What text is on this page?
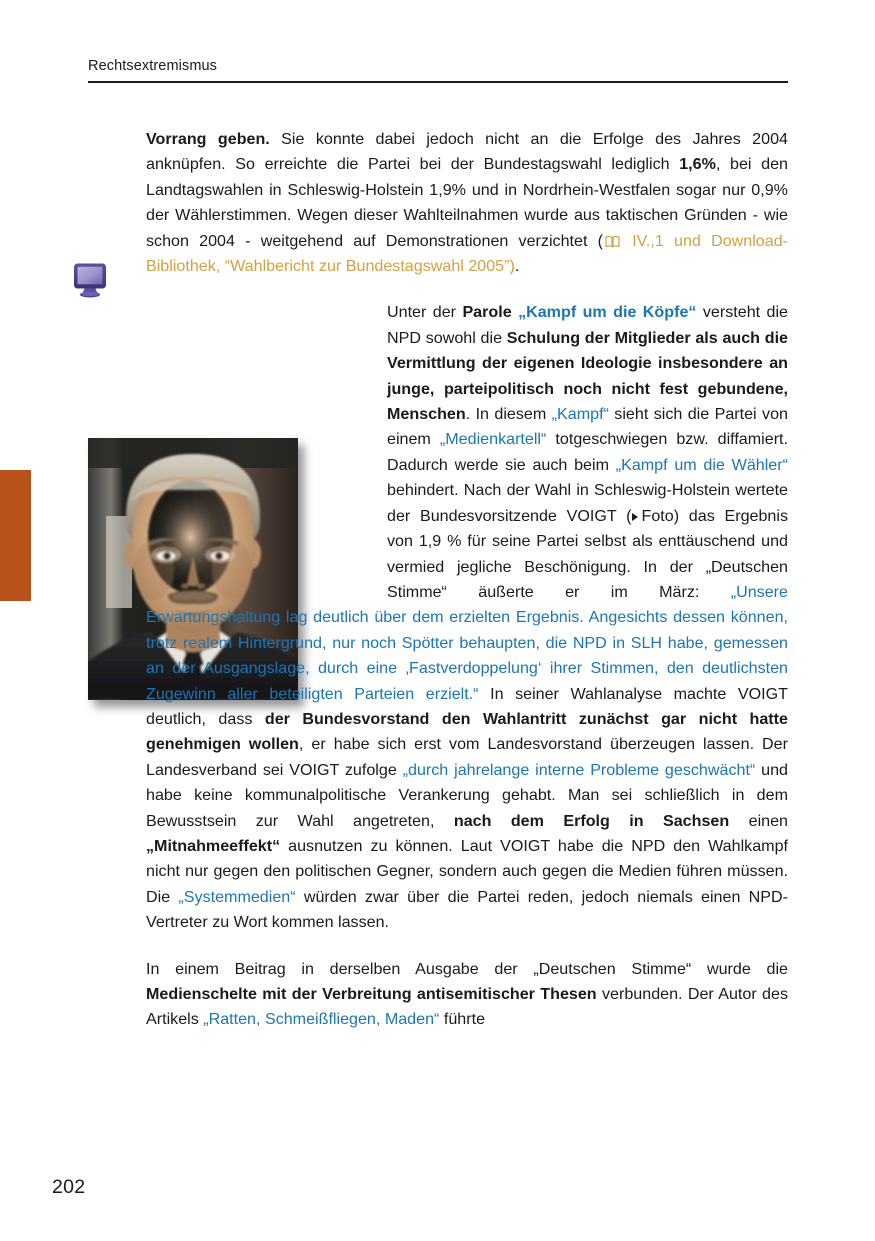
Rechtsextremismus

Vorrang geben. Sie konnte dabei jedoch nicht an die Erfolge des Jahres 2004 anknüpfen. So erreichte die Partei bei der Bundestagswahl lediglich 1,6%, bei den Landtagswahlen in Schleswig-Holstein 1,9% und in Nordrhein-Westfalen sogar nur 0,9% der Wählerstimmen. Wegen dieser Wahlteilnahmen wurde aus taktischen Gründen - wie schon 2004 - weitgehend auf Demonstrationen verzichtet ( IV.,1 und Download-Bibliothek, “Wahlbericht zur Bundestagswahl 2005”).

Unter der Parole „Kampf um die Köpfe“ versteht die NPD sowohl die Schulung der Mitglieder als auch die Vermittlung der eigenen Ideologie insbesondere an junge, parteipolitisch noch nicht fest gebundene, Menschen. In diesem „Kampf“ sieht sich die Partei von einem „Medienkartell“ totgeschwiegen bzw. diffamiert. Dadurch werde sie auch beim „Kampf um die Wähler“ behindert. Nach der Wahl in Schleswig-Holstein wertete der Bundesvorsitzende VOIGT ( Foto) das Ergebnis von 1,9 % für seine Partei selbst als enttäuschend und vermied jegliche Beschönigung. In der „Deutschen Stimme“ äußerte er im März: „Unsere Erwartungshaltung lag deutlich über dem erzielten Ergebnis. Angesichts dessen können, trotz realem Hintergrund, nur noch Spötter behaupten, die NPD in SLH habe, gemessen an der Ausgangslage, durch eine ‚Fastverdoppelung‘ ihrer Stimmen, den deutlichsten Zugewinn aller beteiligten Parteien erzielt.“ In seiner Wahlanalyse machte VOIGT deutlich, dass der Bundesvorstand den Wahlantritt zunächst gar nicht hatte genehmigen wollen, er habe sich erst vom Landesvorstand überzeugen lassen. Der Landesverband sei VOIGT zufolge „durch jahrelange interne Probleme geschwächt“ und habe keine kommunalpolitische Verankerung gehabt. Man sei schließlich in dem Bewusstsein zur Wahl angetreten, nach dem Erfolg in Sachsen einen „Mitnahmeeffekt“ ausnutzen zu können. Laut VOIGT habe die NPD den Wahlkampf nicht nur gegen den politischen Gegner, sondern auch gegen die Medien führen müssen. Die „Systemmedien“ würden zwar über die Partei reden, jedoch niemals einen NPD-Vertreter zu Wort kommen lassen.

In einem Beitrag in derselben Ausgabe der „Deutschen Stimme“ wurde die Medienschelte mit der Verbreitung antisemitischer Thesen verbunden. Der Autor des Artikels „Ratten, Schmeißfliegen, Maden“ führte

202
